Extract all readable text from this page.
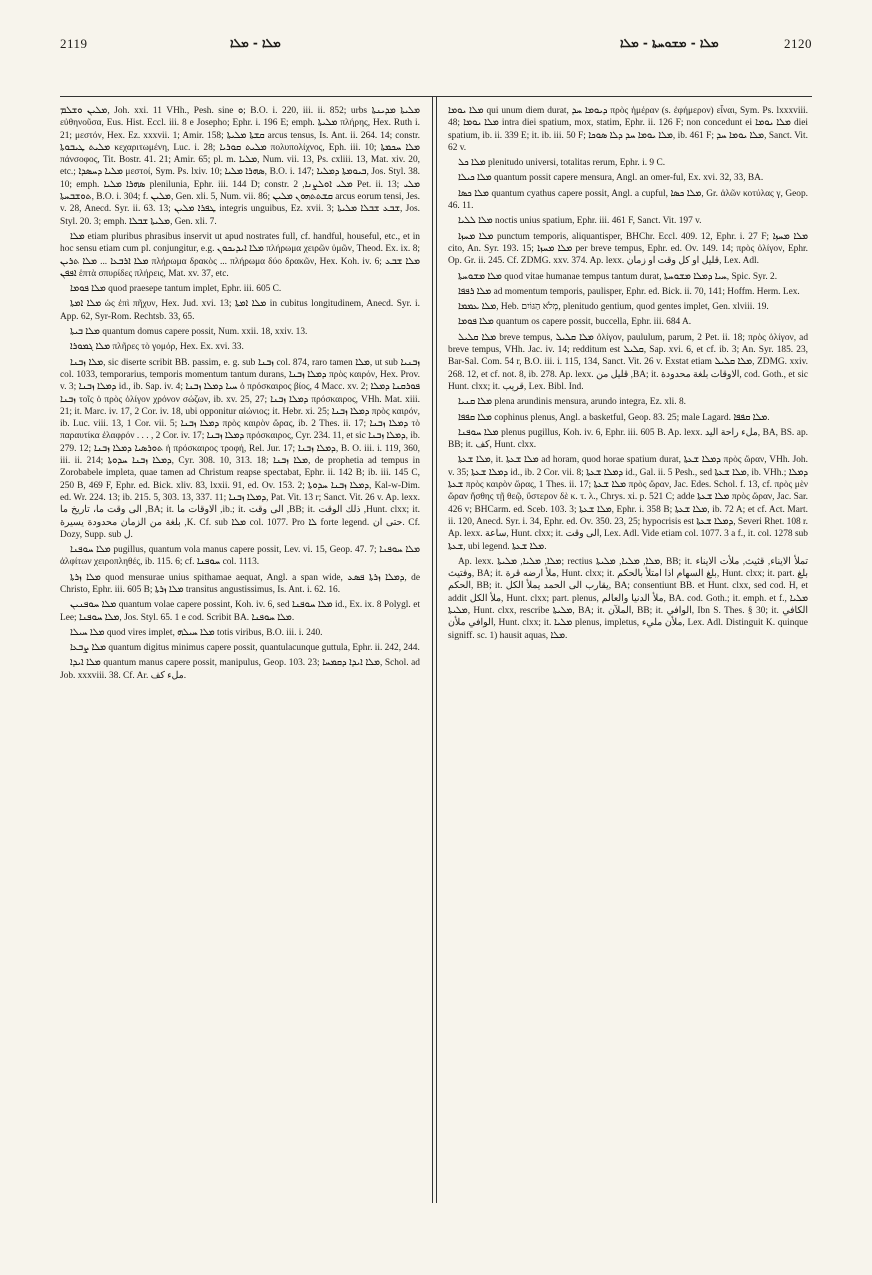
2119	ܡܠܐ - ܡܠܐ	ܡܠܐ - ܡܫܘܚܬܐ - ܡܠܐ	2120

ܡܠܝܢ ܘܫܠܡ, Joh. xxi. 11 VHh., Pesh. sine ܘ; B.O. i. 220, iii. ii. 852; urbs ܡܠܝܬܐ ܡܕܝܢܬܐ εὐθηνοῦσα, Eus. Hist. Eccl. iii. 8 e Josepho; Ephr. i. 196 E; emph. ܡܠܝܬܐ πλήρης, Hex. Ruth i. 21; μεστόν, Hex. Ez. xxxvii. 1; Amir. 158; ܩܫܬܐ ܡܠܝܬܐ arcus tensus, Is. Ant. ii. 264. 14; constr. ܡܠܝܬ ܛܝܒܘܬܐ κεχαριτωμένη, Luc. i. 28; ܡܠܝܬ ܩܘܪܝܐ πολυπολίχνος, Eph. iii. 10; ܡܠܐ ܚܟܡܬܐ πάνσοφος, Tit. Bostr. 41. 21; Amir. 65; pl. m. ܡܠܝܐ, Num. vii. 13, Ps. cxliii. 13, Mat. xiv. 20, etc.; ܡܠܝܐ ܕܚܣܕܐ μεστοί, Sym. Ps. lxiv. 10; ܣܗܪܐ ܡܠܝܐ, B.O. i. 147; ܒܝܘܡܬܐ ܕܡܠܝܐ, Jos. Styl. 38. 10; emph. ܣܗܪܐ ܡܠܝܐ plenilunia, Ephr. iii. 144 D; constr. ܡܠܝ ܐܘܠܨܢܐ, 2 Pet. ii. 13; ܡܠܝ ܬܘܫܒܚܬܐ, B.O. i. 304; f. ܡܠܝܢ, Gen. xli. 5, Num. vii. 86; ܩܫܬܬܗܘܢ ܡܠܝܢ arcus eorum tensi, Jes. v. 28, Anecd. Syr. ii. 63. 13; ܛܦܪܐ ܡܠܝܢ integris unguibus, Ez. xvii. 3; ܫܒܥ ܫܒܠܐ ܡܠܝܬܐ, Jos. Styl. 20. 3; emph. ܡܠܝܬܐ ܫܒܠܐ, Gen. xli. 7.

ܡܠܐ etiam pluribus phrasibus inservit ut apud nostrates full, cf. handful, houseful, etc., et in hoc sensu etiam cum pl. conjungitur, e.g. ܡܠܐ ܐܝܕܝܟܘܢ πλήρωμα χειρῶν ὑμῶν, Theod. Ex. ix. 8; ܡܠܐ ܐܪܒܥܐ ... ܡܠܐ ܬܪܝܢ πλήρωμα δρακὸς ... πλήρωμα δύο δρακῶν, Hex. Koh. iv. 6; ܡܠܐ ܫܒܥ ܐܦܦܢ ἑπτὰ σπυρίδες πλήρεις, Mat. xv. 37, etc.

ܡܠܐ ܦܘܡܐ quod praesepe tantum implet, Ephr. iii. 605 C.

ܡܠܐ ܐܡܬܐ ὡς ἐπὶ πῆχυν, Hex. Jud. xvi. 13; ܡܠܐ ܐܡܬܐ in cubitus longitudinem, Anecd. Syr. i. App. 62, Syr-Rom. Rechtsb. 33, 65.

ܡܠܐ ܒܝܬܐ quantum domus capere possit, Num. xxii. 18, xxiv. 13.

ܡܠܐ ܓܡܘܪܐ πλῆρες τὸ γομόρ, Hex. Ex. xvi. 33.

ܡܠܐ ܙܒܢܐ, sic diserte scribit BB. passim, e. g. sub ܙܒܢܐ col. 874, raro tamen ܡܠܐ, ut sub ܙܒܢܝܐ col. 1033, temporarius, temporis momentum tantum durans, ܕܡܠܐ ܙܒܢܐ πρὸς καιρόν, Hex. Prov. v. 3; ܕܡܠܐ ܙܒܢܐ id., ib. Sap. iv. 4; ܚܝܐ ܕܡܠܐ ܙܒܢܐ ὁ πρόσκαιρος βίος, 4 Macc. xv. 2; ܦܘܪܩܢܐ ܕܡܠܐ ܙܒܢܐ τοῖς ὁ πρὸς ὀλίγον χρόνον σώζων, ib. xv. 25, 27; ܕܡܠܐ ܙܒܢܐ πρόσκαιρος, VHh. Mat. xiii. 21; it. Marc. iv. 17, 2 Cor. iv. 18, ubi opponitur αἰώνιος; it. Hebr. xi. 25; ܕܡܠܐ ܙܒܢܐ πρὸς καιρόν, ib. Luc. viii. 13, 1 Cor. vii. 5; ܕܡܠܐ ܙܒܢܐ πρὸς καιρὸν ὥρας, ib. 2 Thes. ii. 17; ܕܡܠܐ ܙܒܢܐ τὸ παραυτίκα ἐλαφρόν . . . , 2 Cor. iv. 17; ܕܡܠܐ ܙܒܢܐ πρόσκαιρος, Cyr. 234. 11, et sic ܕܡܠܐ ܙܒܢܐ, ib. 279. 12; ܬܘܪܣܝܐ ܕܡܠܐ ܙܒܢܐ ἡ πρόσκαιρος τροφή, Rel. Jur. 17; ܕܡܠܐ ܙܒܢܐ, B. O. iii. i. 119, 360, iii. ii. 214; ܕܡܠܐ ܙܒܢܐ ܚܕܘܬܐ, Cyr. 308. 10, 313. 18; ܡܠܐ ܙܒܢܐ, de prophetia ad tempus in Zorobabele impleta, quae tamen ad Christum reapse spectabat, Ephr. ii. 142 B; ib. iii. 145 C, 250 B, 469 F, Ephr. ed. Bick. xliv. 83, lxxii. 91, ed. Ov. 153. 2; ܕܡܠܐ ܙܒܢܐ ܚܕܘܬܐ, Kal-w-Dim. ed. Wr. 224. 13; ib. 215. 5, 303. 13, 337. 11; ܕܡܠܐ ܙܒܢܐ, Pat. Vit. 13 r; Sanct. Vit. 26 v. Ap. lexx. الى وقت ما، تاريخ ما ,BA; it. الاوقات ما ,ib.; it. الى وقت ,BB; it. ذلك الوقت ,Hunt. clxx; it. بلغة من الزمان محدودة يسيرة ,K. Cf. sub ܡܠܐ col. 1077. Pro ܠܐ forte legend. حتى ان. Cf. Dozy, Supp. sub ل.

ܡܠܐ ܚܘܦܢܐ pugillus, quantum vola manus capere possit, Lev. vi. 15, Geop. 47. 7; ܡܠܐ ܚܘܦܢܐ ἀλφίτων χειροπληθές, ib. 115. 6; cf. ܚܘܦܢܐ col. 1113.

ܡܠܐ ܙܪܬܐ quod mensurae unius spithamae aequat, Angl. a span wide, ܕܡܠܐ ܙܪܬܐ ܦܣܥ, de Christo, Ephr. iii. 605 B; ܡܠܐ ܙܪܬܐ transitus angustissimus, Is. Ant. i. 62. 16.

ܡܠܐ ܚܘܦܢܝܢ quantum volae capere possint, Koh. iv. 6, sed ܡܠܐ ܚܘܦܢܐ id., Ex. ix. 8 Polygl. et Lee; ܡܠܐ ܚܘܦܢܐ, Jos. Styl. 65. 1 e cod. Scribit BA. ܡܠܐ ܚܘܦܢܐ.

ܡܠܐ ܚܝܠܐ quod vires implet, ܡܠܐ ܚܝܠܗ totis viribus, B.O. iii. i. 240.

ܡܠܐ ܨܒܥܐ quantum digitus minimus capere possit, quantulacunque guttula, Ephr. ii. 242, 244.

ܡܠܐ ܐܝܕܐ quantum manus capere possit, manipulus, Geop. 103. 23; ܡܠܐ ܐܝܕܐ ܕܩܡܚܐ, Schol. ad Job. xxxviii. 38. Cf. Ar. ملء كف.

ܡܠܐ ܝܘܡܐ qui unum diem durat, ܕܝܘܡܐ ܚܕ πρὸς ἡμέραν (s. ἐφήμερον) εἶναι, Sym. Ps. lxxxviii. 48; ܡܠܐ ܝܘܡܐ intra diei spatium, mox, statim, Ephr. ii. 126 F; non concedunt ei ܡܠܐ ܝܘܡܐ diei spatium, ib. ii. 339 E; it. ib. iii. 50 F; ܡܠܐ ܝܘܡܐ ܚܕ ܕܠܐ ܣܘܟܐ, ib. 461 F; ܡܠܐ ܝܘܡܐ ܚܕ, Sanct. Vit. 62 v.

ܡܠܐ ܟܠ plenitudo universi, totalitas rerum, Ephr. i. 9 C.

ܡܠܐ ܟܝܠܐ quantum possit capere mensura, Angl. an omer-ful, Ex. xvi. 32, 33, BA.

ܡܠܐ ܟܣܐ quantum cyathus capere possit, Angl. a cupful, ܡܠܐ ܟܣܐ, Gr. ἁλῶν κοτύλας γ, Geop. 46. 11.

ܡܠܐ ܠܠܝܐ noctis unius spatium, Ephr. iii. 461 F, Sanct. Vit. 197 v.

ܡܠܐ ܡܚܙܐ punctum temporis, aliquantisper, BHChr. Eccl. 409. 12, Ephr. i. 27 F; ܡܠܐ ܡܚܙܐ cito, An. Syr. 193. 15; ܡܠܐ ܡܚܙܐ per breve tempus, Ephr. ed. Ov. 149. 14; πρὸς ὀλίγον, Ephr. Op. Gr. ii. 245. Cf. ZDMG. xxv. 374. Ap. lexx. قليل او كل وقت او زمان, Lex. Adl.

ܡܠܐ ܡܫܘܚܬܐ quod vitae humanae tempus tantum durat, ܚܝܐ ܕܡܠܐ ܡܫܘܚܬܐ, Spic. Syr. 2.

ܡܠܐ ܪܦܦܐ ad momentum temporis, paulisper, Ephr. ed. Bick. ii. 70, 141; Hoffm. Herm. Lex.

ܡܠܐ ܥܡܡܐ, Heb. מְלֹא הַגּוֹיִם, plenitudo gentium, quod gentes implet, Gen. xlviii. 19.

ܡܠܐ ܦܘܡܐ quantum os capere possit, buccella, Ephr. iii. 684 A.

ܡܠܐ ܩܠܝܠ breve tempus, ܡܠܐ ܩܠܝܠ ὀλίγον, paululum, parum, 2 Pet. ii. 18; πρὸς ὀλίγον, ad breve tempus, VHh. Jac. iv. 14; redditum est ܩܠܝܠ, Sap. xvi. 6, et cf. ib. 3; An. Syr. 185. 23, Bar-Sal. Com. 54 r, B.O. iii. i. 115, 134, Sanct. Vit. 26 v. Exstat etiam ܡܠܐ ܩܠܝܠ, ZDMG. xxiv. 268. 12, et cf. not. 8, ib. 278. Ap. lexx. قليل من ,BA; it. الاوقات بلغة محدودة, cod. Goth., et sic Hunt. clxx; it. قريب, Lex. Bibl. Ind.

ܡܠܐ ܩܢܝܐ plena arundinis mensura, arundo integra, Ez. xli. 8.

ܡܠܐ ܩܦܦܐ cophinus plenus, Angl. a basketful, Geop. 83. 25; male Lagard. ܡܠܐ ܩܦܦܐ.

ܡܠܐ ܚܘܦܢܐ plenus pugillus, Koh. iv. 6, Ephr. iii. 605 B. Ap. lexx. ملء راحة اليد, BA, BS. ap. BB; it. كف, Hunt. clxx.

ܡܠܐ ܫܥܬܐ, it. ܡܠܐ ܫܥܬܐ ad horam, quod horae spatium durat, ܕܡܠܐ ܫܥܬܐ πρὸς ὥραν, VHh. Joh. v. 35; ܕܡܠܐ ܫܥܬܐ id., ib. 2 Cor. vii. 8; ܕܡܠܐ ܫܥܬܐ id., Gal. ii. 5 Pesh., sed ܡܠܐ ܫܥܬܐ, ib. VHh.; ܕܡܠܐ ܫܥܬܐ πρὸς καιρὸν ὥρας, 1 Thes. ii. 17; ܡܠܐ ܫܥܬܐ πρὸς ὥραν, Jac. Edes. Schol. f. 13, cf. πρὸς μὲν ὥραν ἥσθης τῇ θεῷ, ὕστερον δὲ κ. τ. λ., Chrys. xi. p. 521 C; adde ܡܠܐ ܫܥܬܐ πρὸς ὥραν, Jac. Sar. 426 v; BHCarm. ed. Sceb. 103. 3; ܡܠܐ ܫܥܬܐ, Ephr. i. 358 B; ܡܠܐ ܫܥܬܐ, ib. 72 A; et cf. Act. Mart. ii. 120, Anecd. Syr. i. 34, Ephr. ed. Ov. 350. 23, 25; hypocrisis est ܕܡܠܐ ܫܥܬܐ, Severi Rhet. 108 r. Ap. lexx. ساعة, Hunt. clxx; it. الى وقت, Lex. Adl. Vide etiam col. 1077. 3 a f., it. col. 1278 sub ܫܥܬܐ, ubi legend. ܡܠܐ ܫܥܬܐ.

Ap. lexx. ܡܠܐ, ܡܠܝܐ, ܡܠܝܬܐ; rectius ܡܠܐ, ܡܠܝܐ, ܡܠܝܬܐ, BB; it. تملأ الايناء, قثيث, ملأت الايناء وفتيث, BA; it. ملأ ارضه قرة, Hunt. clxx; it. بلغ السهام اذا امتلأ بالحكم, Hunt. clxx; it. part. بلغ الحكم, BB; it. يقارب الى الحمد يملأ الكل, BA; consentiunt BB. et Hunt. clxx, sed cod. H, et addit ملأ الكل, Hunt. clxx; part. plenus, ملأ الدنيا والعالم, BA. cod. Goth.; it. emph. et f., ܡܠܝܐ ܡܠܝܬܐ, Hunt. clxx, rescribe ܡܠܝܬܐ, BA; it. الملآن, BB; it. الوافي, Ibn S. Thes. § 30; it. الكافي الوافي ملأن, Hunt. clxx; it. ܡܠܝܐ plenus, impletus, ملأن مليء, Lex. Adl. Distinguit K. quinque signiff. sc. 1) hausit aquas, ܡܠܐ.
